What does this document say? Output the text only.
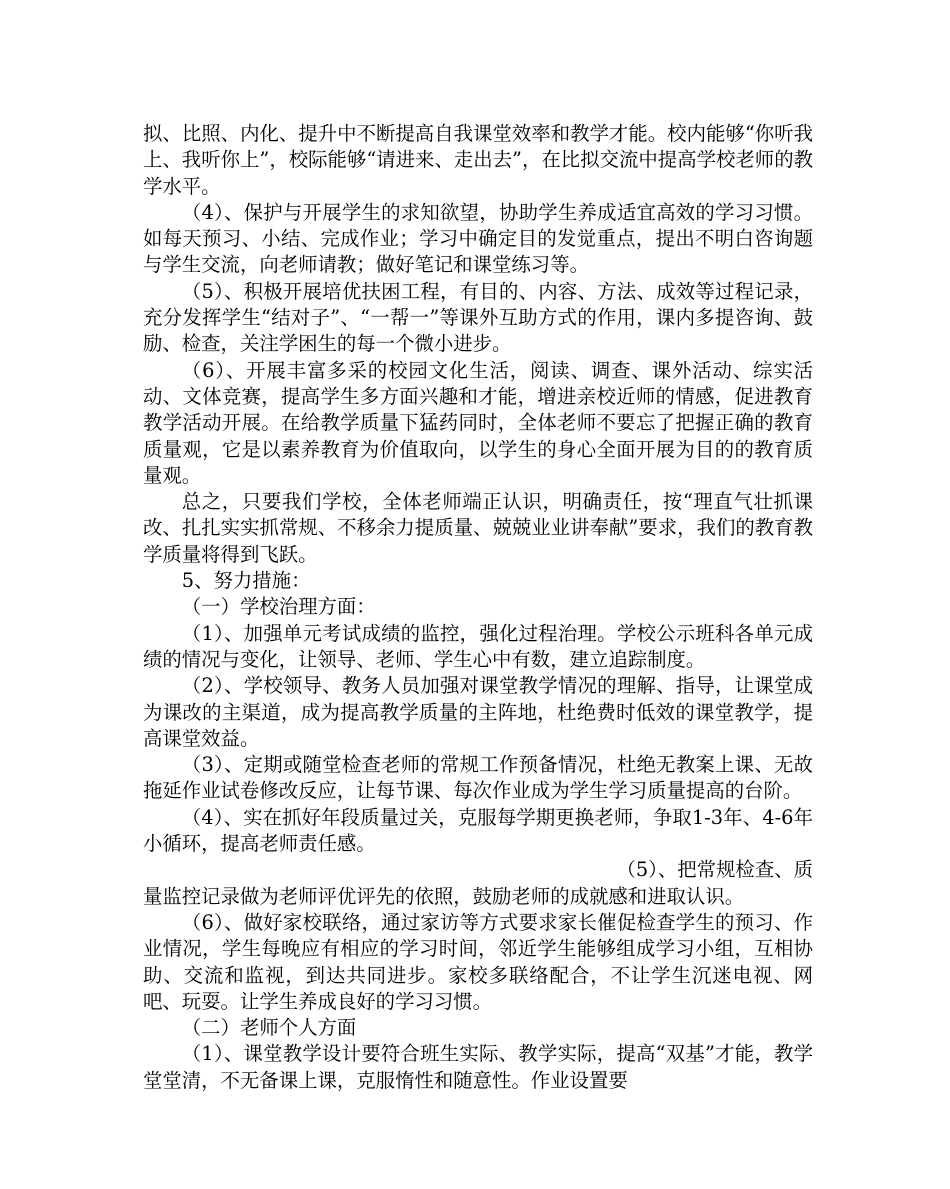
拟、比照、内化、提升中不断提高自我课堂效率和教学才能。校内能够“你听我上、我听你上”，校际能够“请进来、走出去”，在比拟交流中提高学校老师的教学水平。

（4）、保护与开展学生的求知欲望，协助学生养成适宜高效的学习习惯。如每天预习、小结、完成作业；学习中确定目的发觉重点，提出不明白咨询题与学生交流，向老师请教；做好笔记和课堂练习等。

（5）、积极开展培优扶困工程，有目的、内容、方法、成效等过程记录，充分发挥学生“结对子”、“一帮一”等课外互助方式的作用，课内多提咨询、鼓励、检查，关注学困生的每一个微小进步。

（6）、开展丰富多采的校园文化生活，阅读、调查、课外活动、综实活动、文体竞赛，提高学生多方面兴趣和才能，增进亲校近师的情感，促进教育教学活动开展。在给教学质量下猛药同时，全体老师不要忘了把握正确的教育质量观，它是以素养教育为价值取向，以学生的身心全面开展为目的的教育质量观。

总之，只要我们学校，全体老师端正认识，明确责任，按“理直气壮抓课改、扎扎实实抓常规、不移余力提质量、兢兢业业讲奉献”要求，我们的教育教学质量将得到飞跃。

5、努力措施：

（一）学校治理方面：

（1）、加强单元考试成绩的监控，强化过程治理。学校公示班科各单元成绩的情况与变化，让领导、老师、学生心中有数，建立追踪制度。

（2）、学校领导、教务人员加强对课堂教学情况的理解、指导，让课堂成为课改的主渠道，成为提高教学质量的主阵地，杜绝费时低效的课堂教学，提高课堂效益。

（3）、定期或随堂检查老师的常规工作预备情况，杜绝无教案上课、无故拖延作业试卷修改反应，让每节课、每次作业成为学生学习质量提高的台阶。

（4）、实在抓好年段质量过关，克服每学期更换老师，争取1-3年、4-6年小循环，提高老师责任感。

（5）、把常规检查、质
量监控记录做为老师评优评先的依照，鼓励老师的成就感和进取认识。

（6）、做好家校联络，通过家访等方式要求家长催促检查学生的预习、作业情况，学生每晚应有相应的学习时间，邻近学生能够组成学习小组，互相协助、交流和监视，到达共同进步。家校多联络配合，不让学生沉迷电视、网吧、玩耍。让学生养成良好的学习习惯。

（二）老师个人方面

（1）、课堂教学设计要符合班生实际、教学实际，提高“双基”才能，教学堂堂清，不无备课上课，克服惰性和随意性。作业设置要
